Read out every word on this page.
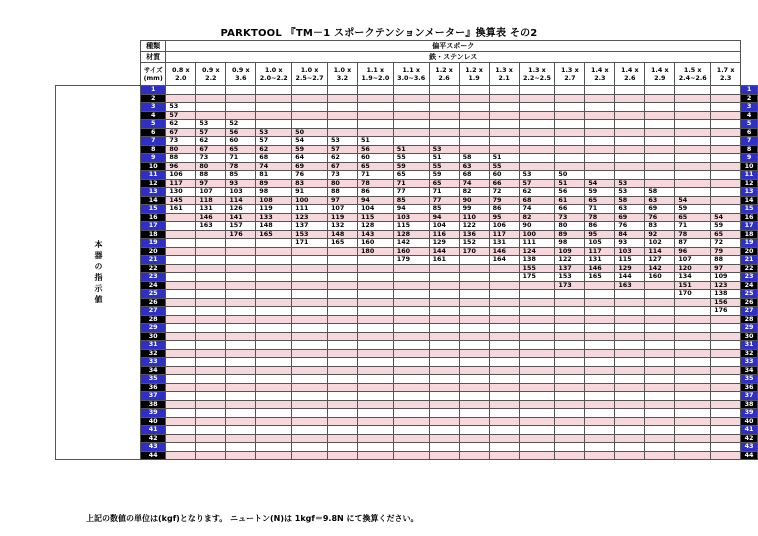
PARKTOOL 『TM－1 スポークテンションメーター』換算表 その2
	種類	偏平スポーク																		
	材質	鉄・ステンレス																		
	サイズ (mm)	0.8 x 2.0	0.9 x 2.2	0.9 x 3.6	1.0 x 2.0~2.2	1.0 x 2.5~2.7	1.0 x 3.2	1.1 x 1.9~2.0	1.1 x 3.0~3.6	1.2 x 2.6	1.2 x 1.9	1.3 x 2.1	1.3 x 2.2~2.5	1.3 x 2.7	1.4 x 2.3	1.4 x 2.6	1.4 x 2.9	1.5 x 2.4~2.6	1.7 x 2.3	
本器の指示値	1																			1
	2																			2
	3	53																		3
	4	57																		4
	5	62	53	52																5
	6	67	57	56	53	50														6
	7	73	62	60	57	54	53	51												7
	8	80	67	65	62	59	57	56	51	53										8
	9	88	73	71	68	64	62	60	55	51	58	51								9
	10	96	80	78	74	69	67	65	59	55	63	55								10
	11	106	88	85	81	76	73	71	65	59	68	60	53	50						11
	12	117	97	93	89	83	80	78	71	65	74	66	57	51	54	53				12
	13	130	107	103	98	91	88	86	77	71	82	72	62	56	59	53	58			13
	14	145	118	114	108	100	97	94	85	77	90	79	68	61	65	58	63	54		14
	15	161	131	126	119	111	107	104	94	85	99	86	74	66	71	63	69	59		15
	16		146	141	133	123	119	115	103	94	110	95	82	73	78	69	76	65	54	16
	17		163	157	148	137	132	128	115	104	122	106	90	80	86	76	83	71	59	17
	18			176	165	153	148	143	128	116	136	117	100	89	95	84	92	78	65	18
	19					171	165	160	142	129	152	131	111	98	105	93	102	87	72	19
	20							180	160	144	170	146	124	109	117	103	114	96	79	20
	21								179	161		164	138	122	131	115	127	107	88	21
	22												155	137	146	129	142	120	97	22
	23												175	153	165	144	160	134	109	23
	24													173		163		151	123	24
	25																	170	138	25
	26																		156	26
	27																		176	27
	28																			28
	29																			29
	30																			30
	31																			31
	32																			32
	33																			33
	34																			34
	35																			35
	36																			36
	37																			37
	38																			38
	39																			39
	40																			40
	41																			41
	42																			42
	43																			43
	44																			44
上記の数値の単位は(kgf)となります。 ニュートン(N)は 1kgf＝9.8N にて換算ください。
